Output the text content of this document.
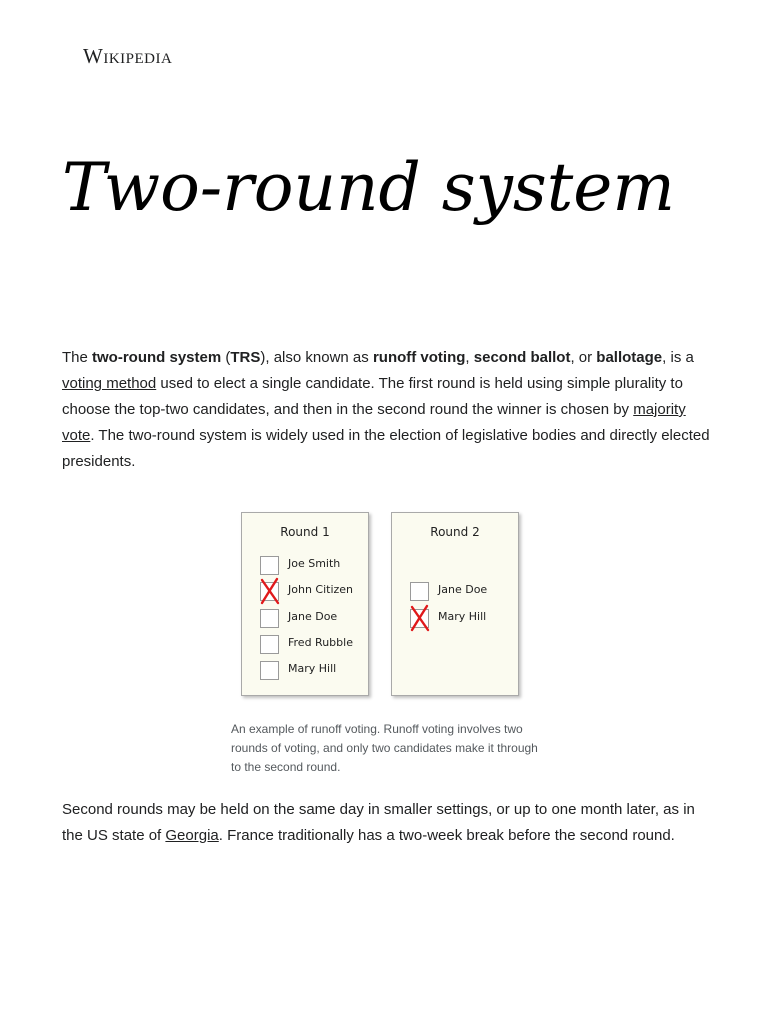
Wikipedia
Two-round system

The two-round system (TRS), also known as runoff voting, second ballot, or ballotage, is a voting method used to elect a single candidate. The first round is held using simple plurality to choose the top-two candidates, and then in the second round the winner is chosen by majority vote. The two-round system is widely used in the election of legislative bodies and directly elected presidents.

Round 1
Joe Smith
John Citizen
Jane Doe
Fred Rubble
Mary Hill
Round 2
Jane Doe
Mary Hill
An example of runoff voting. Runoff voting involves two rounds of voting, and only two candidates make it through to the second round.

Second rounds may be held on the same day in smaller settings, or up to one month later, as in the US state of Georgia. France traditionally has a two-week break before the second round.
